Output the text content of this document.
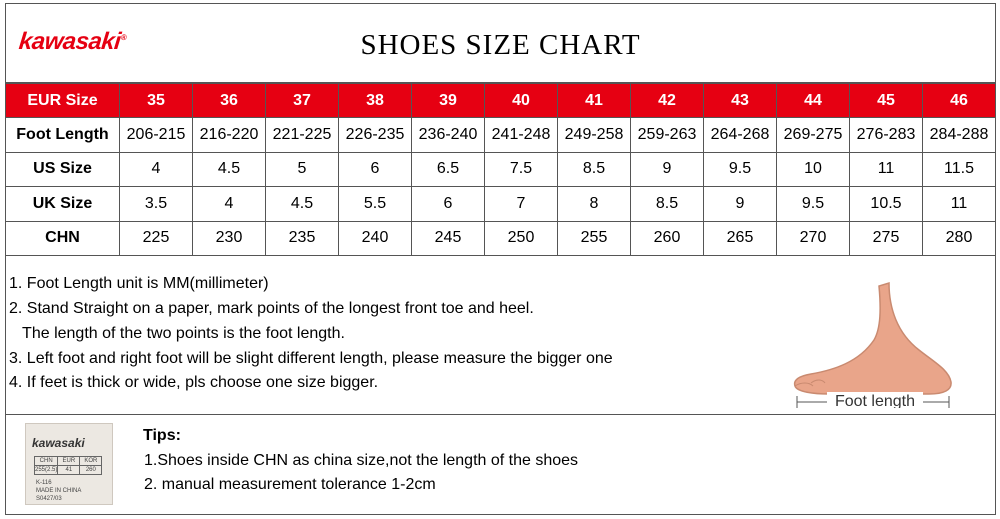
kawasaki®	SHOES SIZE CHART
EUR Size	35	36	37	38	39	40	41	42	43	44	45	46
Foot Length	206-215	216-220	221-225	226-235	236-240	241-248	249-258	259-263	264-268	269-275	276-283	284-288
US Size	4	4.5	5	6	6.5	7.5	8.5	9	9.5	10	11	11.5
UK Size	3.5	4	4.5	5.5	6	7	8	8.5	9	9.5	10.5	11
CHN	225	230	235	240	245	250	255	260	265	270	275	280

1. Foot Length unit is MM(millimeter)

2. Stand Straight on a paper, mark points of the longest front toe and heel.

The length of the two points is the foot length.

3. Left foot and right foot will be slight different length, please measure the bigger one

4. If feet is thick or wide, pls choose one size bigger.

Foot length
kawasaki
CHN	EUR	KOR
255(2.5)	41	260
K-116
MADE IN CHINA
S0427/03
Tips:

1.Shoes inside CHN as china size,not the length of the shoes

2. manual measurement tolerance 1-2cm
